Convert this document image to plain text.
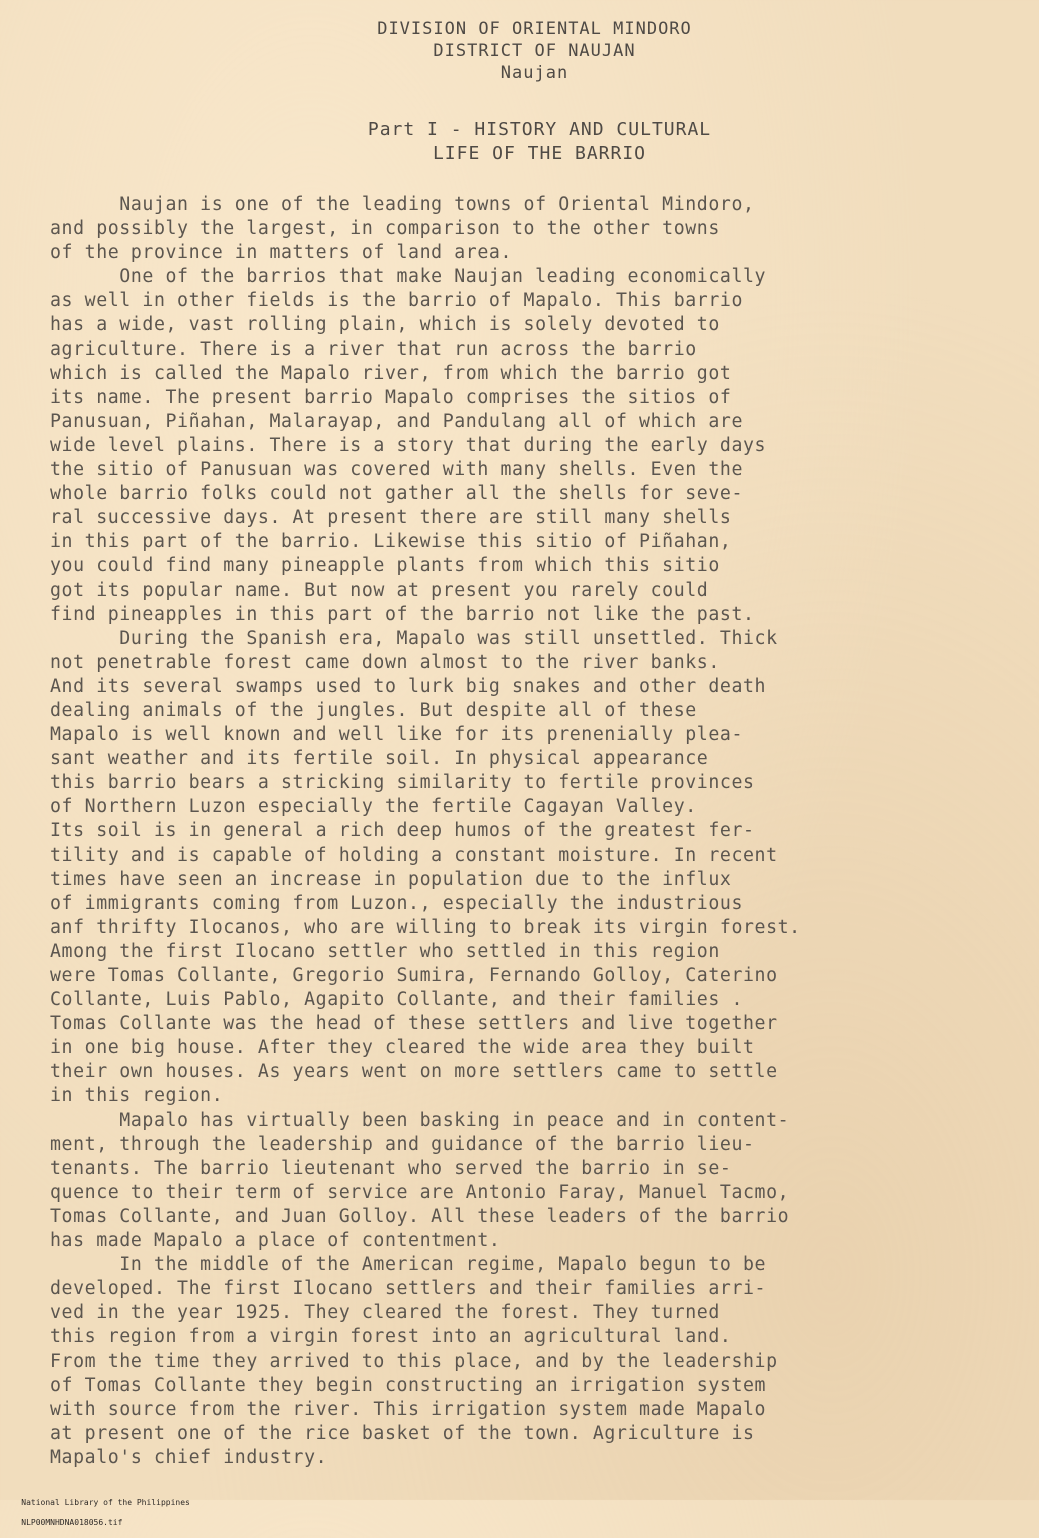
DIVISION OF ORIENTAL MINDORO
DISTRICT OF NAUJAN
Naujan
Part I - HISTORY AND CULTURAL
LIFE OF THE BARRIO
Naujan is one of the leading towns of Oriental Mindoro,
and possibly the largest, in comparison to the other towns
of the province in matters of land area.
One of the barrios that make Naujan leading economically
as well in other fields is the barrio of Mapalo. This barrio
has a wide, vast rolling plain, which is solely devoted to
agriculture. There is a river that run across the barrio
which is called the Mapalo river, from which the barrio got
its name. The present barrio Mapalo comprises the sitios of
Panusuan, Piñahan, Malarayap, and Pandulang all of which are
wide level plains. There is a story that during the early days
the sitio of Panusuan was covered with many shells. Even the
whole barrio folks could not gather all the shells for seve-
ral successive days. At present there are still many shells
in this part of the barrio. Likewise this sitio of Piñahan,
you could find many pineapple plants from which this sitio
got its popular name. But now at present you rarely could
find pineapples in this part of the barrio not like the past.
During the Spanish era, Mapalo was still unsettled. Thick
not penetrable forest came down almost to the river banks.
And its several swamps used to lurk big snakes and other death
dealing animals of the jungles. But despite all of these
Mapalo is well known and well like for its prenenially plea-
sant weather and its fertile soil. In physical appearance
this barrio bears a stricking similarity to fertile provinces
of Northern Luzon especially the fertile Cagayan Valley.
Its soil is in general a rich deep humos of the greatest fer-
tility and is capable of holding a constant moisture. In recent
times have seen an increase in population due to the influx
of immigrants coming from Luzon., especially the industrious
anf thrifty Ilocanos, who are willing to break its virgin forest.
Among the first Ilocano settler who settled in this region
were Tomas Collante, Gregorio Sumira, Fernando Golloy, Caterino
Collante, Luis Pablo, Agapito Collante, and their families .
Tomas Collante was the head of these settlers and live together
in one big house. After they cleared the wide area they built
their own houses. As years went on more settlers came to settle
in this region.
Mapalo has virtually been basking in peace and in content-
ment, through the leadership and guidance of the barrio lieu-
tenants. The barrio lieutenant who served the barrio in se-
quence to their term of service are Antonio Faray, Manuel Tacmo,
Tomas Collante, and Juan Golloy. All these leaders of the barrio
has made Mapalo a place of contentment.
In the middle of the American regime, Mapalo begun to be
developed. The first Ilocano settlers and their families arri-
ved in the year 1925. They cleared the forest. They turned
this region from a virgin forest into an agricultural land.
From the time they arrived to this place, and by the leadership
of Tomas Collante they begin constructing an irrigation system
with source from the river. This irrigation system made Mapalo
at present one of the rice basket of the town. Agriculture is
Mapalo's chief industry.

National Library of the Philippines

NLP00MNHDNA018056.tif
